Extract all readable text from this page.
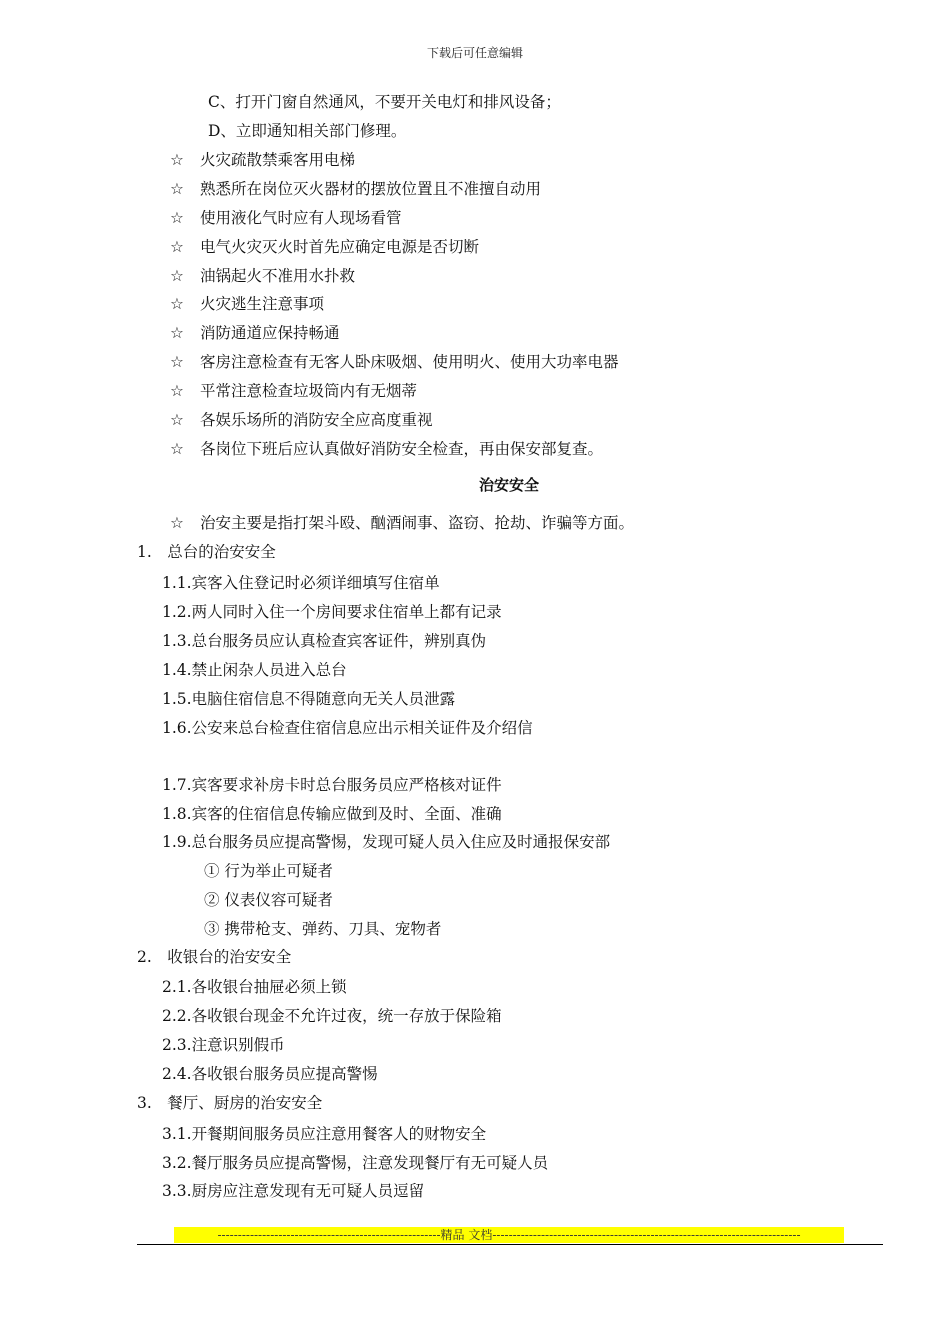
下载后可任意编辑
C、打开门窗自然通风，不要开关电灯和排风设备；
D、立即通知相关部门修理。
☆ 火灾疏散禁乘客用电梯
☆ 熟悉所在岗位灭火器材的摆放位置且不准擅自动用
☆ 使用液化气时应有人现场看管
☆ 电气火灾灭火时首先应确定电源是否切断
☆ 油锅起火不准用水扑救
☆ 火灾逃生注意事项
☆ 消防通道应保持畅通
☆ 客房注意检查有无客人卧床吸烟、使用明火、使用大功率电器
☆ 平常注意检查垃圾筒内有无烟蒂
☆ 各娱乐场所的消防安全应高度重视
☆ 各岗位下班后应认真做好消防安全检查，再由保安部复查。
☆ 治安主要是指打架斗殴、酗酒闹事、盗窃、抢劫、诈骗等方面。
1.　总台的治安安全
1.1.宾客入住登记时必须详细填写住宿单
1.2.两人同时入住一个房间要求住宿单上都有记录
1.3.总台服务员应认真检查宾客证件，辨别真伪
1.4.禁止闲杂人员进入总台
1.5.电脑住宿信息不得随意向无关人员泄露
1.6.公安来总台检查住宿信息应出示相关证件及介绍信
1.7.宾客要求补房卡时总台服务员应严格核对证件
1.8.宾客的住宿信息传输应做到及时、全面、准确
1.9.总台服务员应提高警惕，发现可疑人员入住应及时通报保安部
① 行为举止可疑者
② 仪表仪容可疑者
③ 携带枪支、弹药、刀具、宠物者
2.　收银台的治安安全
2.1.各收银台抽屉必须上锁
2.2.各收银台现金不允许过夜，统一存放于保险箱
2.3.注意识别假币
2.4.各收银台服务员应提高警惕
3.　餐厅、厨房的治安安全
3.1.开餐期间服务员应注意用餐客人的财物安全
3.2.餐厅服务员应提高警惕，注意发现餐厅有无可疑人员
3.3.厨房应注意发现有无可疑人员逗留
治安安全
-------------------------------------------------------精品 文档----------------------------------------------------------------------------
